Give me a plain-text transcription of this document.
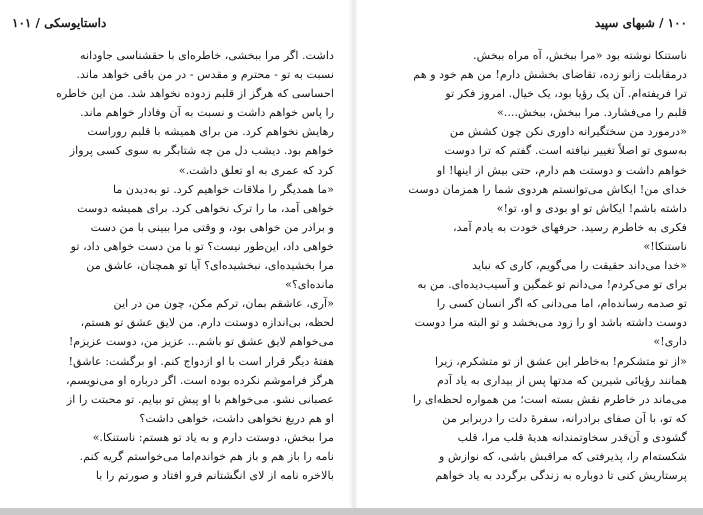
داستایوسکی / ۱۰۱

داشت. اگر مرا ببخشی، خاطره‌ای با حقشناسی جاودانه

نسبت به تو - محترم و مقدس - در من باقی خواهد ماند.

احساسی که هرگز از قلبم زدوده نخواهد شد. من این خاطره

را پاس خواهم داشت و نسبت به آن وفادار خواهم ماند.

رهایش نخواهم کرد. من برای همیشه با قلبم روراست

خواهم بود. دیشب دل من چه شتابگر به سوی کسی پرواز

کرد که عمری به او تعلق داشت.»

«ما همدیگر را ملاقات خواهیم کرد. تو به‌دیدن ما

خواهی آمد، ما را ترک نخواهی کرد. برای همیشه دوست

و برادر من خواهی بود، و وقتی مرا ببینی با من دست

خواهی داد، این‌طور نیست؟ تو با من دست خواهی داد، تو

مرا بخشیده‌ای، نبخشیده‌ای؟ آیا تو همچنان، عاشق من

مانده‌ای؟»

«آری، عاشقم بمان، ترکم مکن، چون من در این

لحظه، بی‌اندازه دوستت دارم. من لایق عشق تو هستم،

می‌خواهم لایق عشق تو باشم... عزیز من، دوست عزیزم!

هفتهٔ دیگر قرار است با او ازدواج کنم. او برگشت: عاشق!

هرگز فراموشم نکرده بوده است. اگر درباره او می‌نویسم،

عصبانی نشو. می‌خواهم با او پیش تو بیایم. تو محبتت را از

او هم دریغ نخواهی داشت، خواهی داشت؟

مرا ببخش، دوستت دارم و به یاد تو هستم: ناستنکا.»

نامه را باز هم و باز هم خواندم‌اما می‌خواستم گریه کنم.

بالاخره نامه از لای انگشتانم فرو افتاد و صورتم را با

۱۰۰ / شبهای سپید

ناستنکا نوشته بود «مرا ببخش، آه مراه ببخش.

درمقابلت زانو زده، تقاضای بخشش دارم! من هم خود و هم

ترا فریفته‌ام. آن یک رؤیا بود، یک خیال. امروز فکر تو

قلبم را می‌فشارد. مرا ببخش، ببخش....»

«درمورد من سختگیرانه داوری نکن چون کشش من

به‌سوی تو اصلاً تغییر نیافته است. گفتم که ترا دوست

خواهم داشت و دوستت هم دارم، حتی بیش از اینها! او

خدای من! ایکاش می‌توانستم هردوی شما را همزمان دوست

داشته باشم! ایکاش تو او بودی و او، تو!»

فکری به خاطرم رسید. حرفهای خودت به یادم آمد،

ناستنکا!»

«خدا می‌داند حقیقت را می‌گویم، کاری که نباید

برای تو می‌کردم! می‌دانم تو غمگین و آسیب‌دیده‌ای. من به

تو صدمه رسانده‌ام، اما می‌دانی که اگر انسان کسی را

دوست داشته باشد او را زود می‌بخشد و تو البته مرا دوست

داری!»

«از تو متشکرم! به‌خاطر این عشق از تو متشکرم، زیرا

همانند رؤیائی شیرین که مدتها پس از بیداری به یاد آدم

می‌ماند در خاطرم نقش بسته است؛ من همواره لحظه‌ای را

که تو، با آن صفای برادرانه، سفرهٔ دلت را دربرابر من

گشودی و آن‌قدر سخاوتمندانه هدیهٔ قلب مرا، قلب

شکسته‌ام را، پذیرفتی که مراقبش باشی، که نوازش و

پرستاریش کنی تا دوباره به زندگی برگردد به یاد خواهم
